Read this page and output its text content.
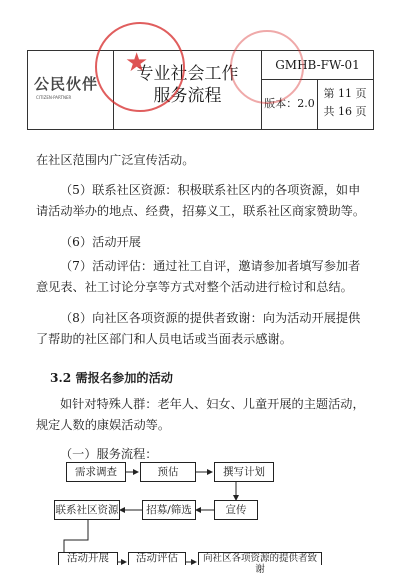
公民伙伴
CITIZEN·PARTNER
专业社会工作
服务流程
GMHB-FW-01
版本：2.0
第 11 页
共 16 页
★
在社区范围内广泛宣传活动。
（5）联系社区资源：积极联系社区内的各项资源，如申请活动举办的地点、经费，招募义工，联系社区商家赞助等。
（6）活动开展
（7）活动评估：通过社工自评，邀请参加者填写参加者意见表、社工讨论分享等方式对整个活动进行检讨和总结。
（8）向社区各项资源的提供者致谢：向为活动开展提供了帮助的社区部门和人员电话或当面表示感谢。
3.2 需报名参加的活动
如针对特殊人群：老年人、妇女、儿童开展的主题活动，规定人数的康娱活动等。
（一）服务流程：
需求调查	预估	撰写计划
宣传
招募/筛选
联系社区资源
活动开展	活动评估	向社区各项资源的提供者致谢
